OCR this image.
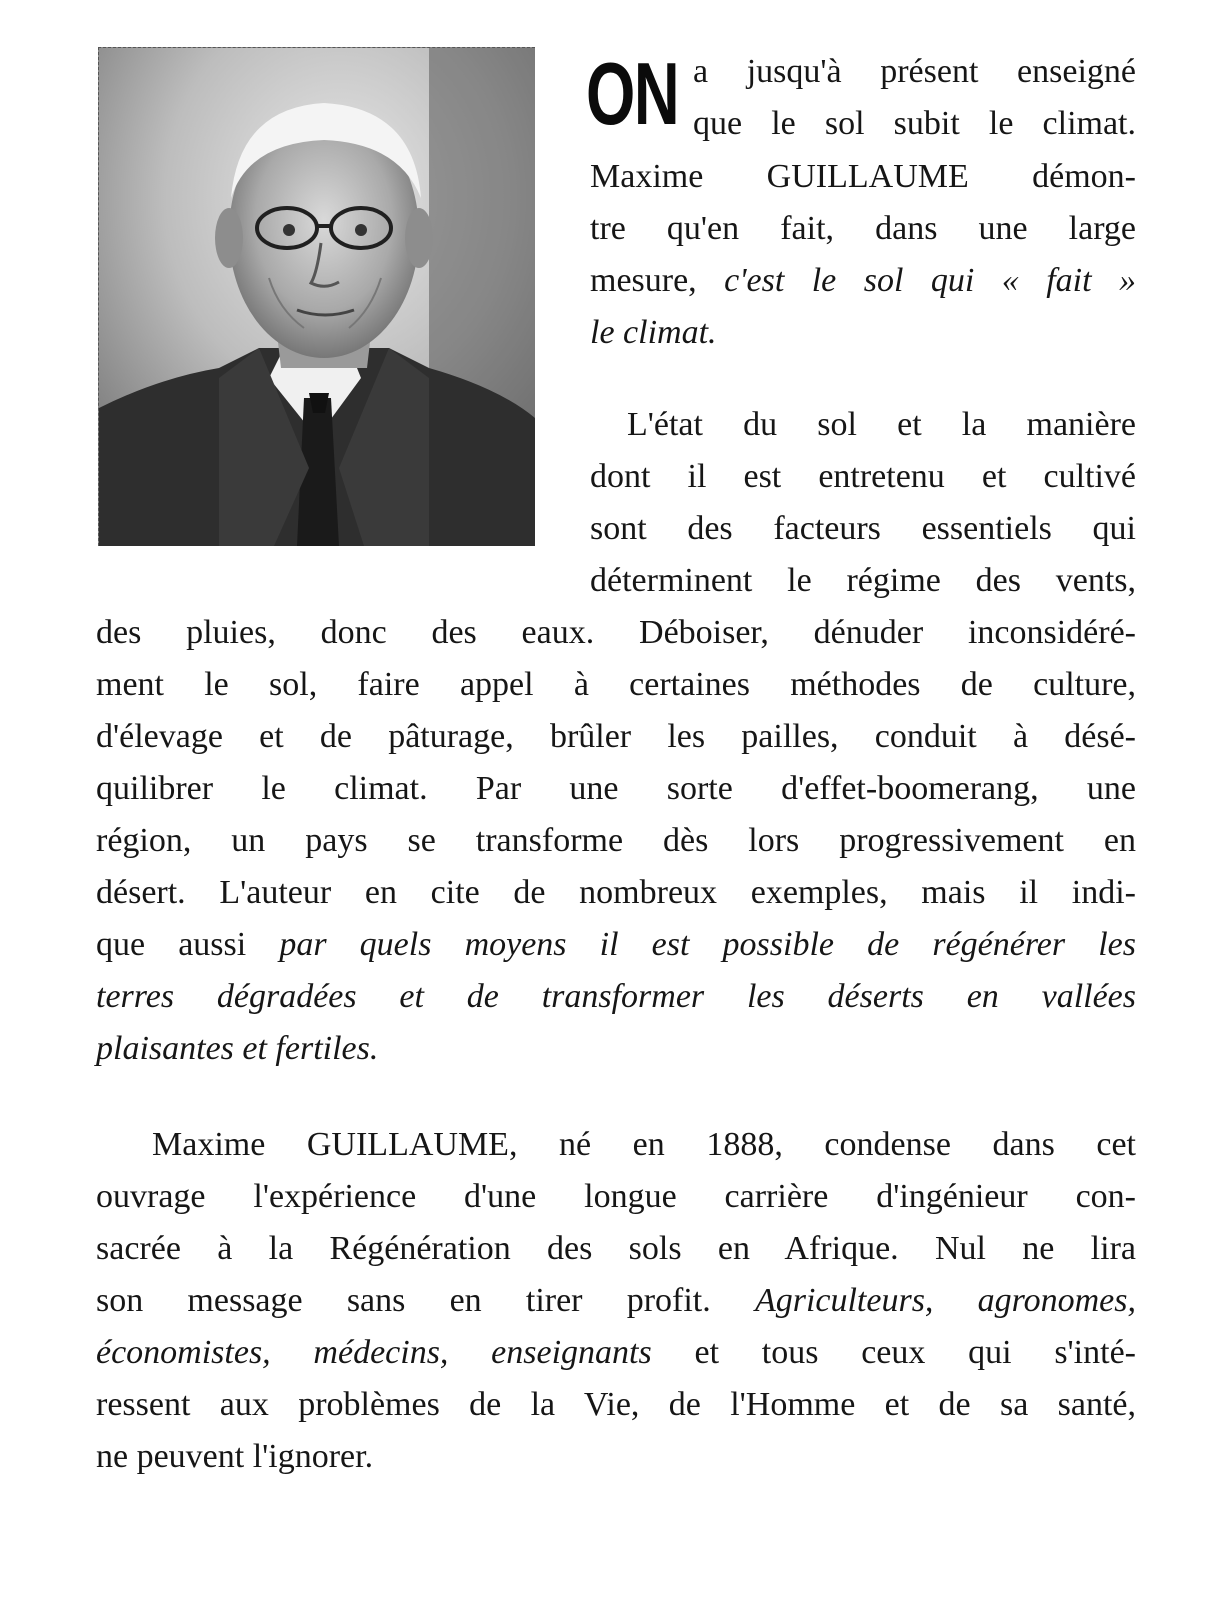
ON a jusqu'à présent enseigné
que le sol subit le climat.
Maxime GUILLAUME démon-
tre qu'en fait, dans une large
mesure, c'est le sol qui « fait »
le climat.
L'état du sol et la manière
dont il est entretenu et cultivé
sont des facteurs essentiels qui
déterminent le régime des vents,
des pluies, donc des eaux. Déboiser, dénuder inconsidéré-
ment le sol, faire appel à certaines méthodes de culture,
d'élevage et de pâturage, brûler les pailles, conduit à désé-
quilibrer le climat. Par une sorte d'effet-boomerang, une
région, un pays se transforme dès lors progressivement en
désert. L'auteur en cite de nombreux exemples, mais il indi-
que aussi par quels moyens il est possible de régénérer les
terres dégradées et de transformer les déserts en vallées
plaisantes et fertiles.
Maxime GUILLAUME, né en 1888, condense dans cet
ouvrage l'expérience d'une longue carrière d'ingénieur con-
sacrée à la Régénération des sols en Afrique. Nul ne lira
son message sans en tirer profit. Agriculteurs, agronomes,
économistes, médecins, enseignants et tous ceux qui s'inté-
ressent aux problèmes de la Vie, de l'Homme et de sa santé,
ne peuvent l'ignorer.
